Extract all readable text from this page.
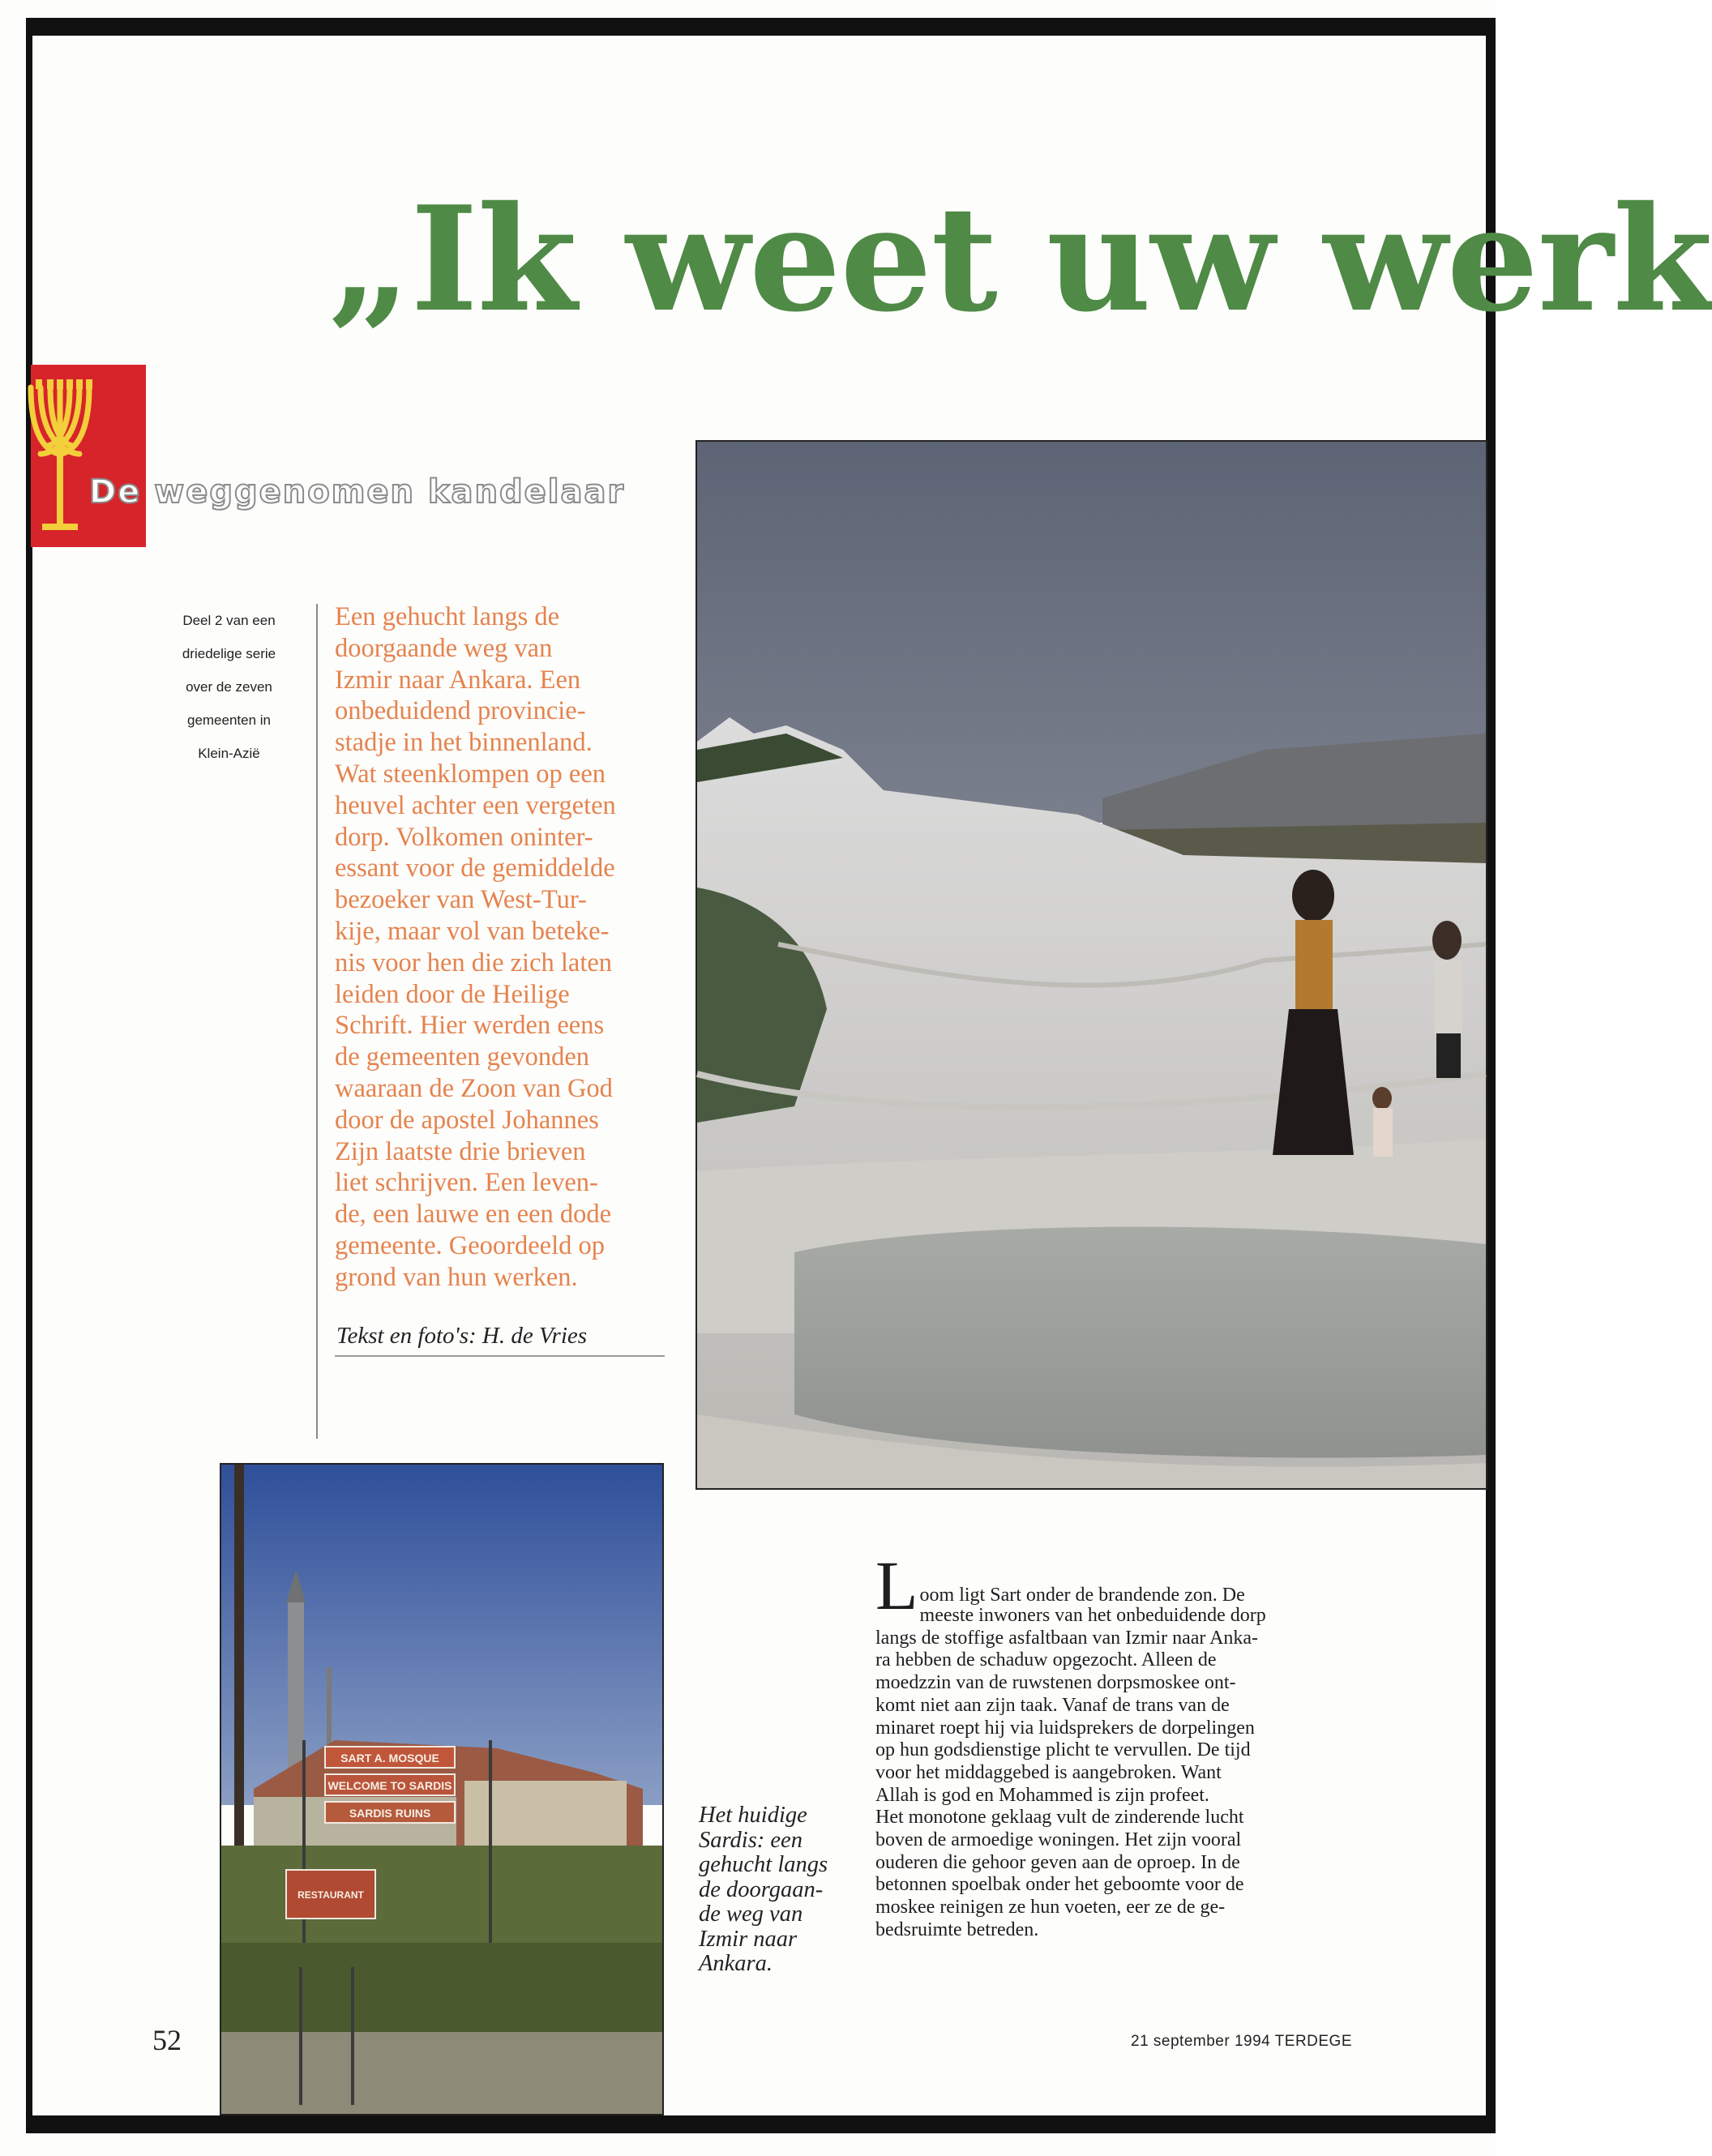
„Ik weet uw werk
De weggenomen kandelaar
Deel 2 van een
driedelige serie
over de zeven
gemeenten in
Klein-Azië
Een gehucht langs de
doorgaande weg van
Izmir naar Ankara. Een
onbeduidend provincie-
stadje in het binnenland.
Wat steenklompen op een
heuvel achter een vergeten
dorp. Volkomen oninter-
essant voor de gemiddelde
bezoeker van West-Tur-
kije, maar vol van beteke-
nis voor hen die zich laten
leiden door de Heilige
Schrift. Hier werden eens
de gemeenten gevonden
waaraan de Zoon van God
door de apostel Johannes
Zijn laatste drie brieven
liet schrijven. Een leven-
de, een lauwe en een dode
gemeente. Geoordeeld op
grond van hun werken.
Tekst en foto's: H. de Vries
SART A. MOSQUE
WELCOME TO SARDIS
SARDIS RUINS
RESTAURANT
Het huidige
Sardis: een
gehucht langs
de doorgaan-
de weg van
Izmir naar
Ankara.
L oom ligt Sart onder de brandende zon. De
meeste inwoners van het onbeduidende dorp
langs de stoffige asfaltbaan van Izmir naar Anka-
ra hebben de schaduw opgezocht. Alleen de
moedzzin van de ruwstenen dorpsmoskee ont-
komt niet aan zijn taak. Vanaf de trans van de
minaret roept hij via luidsprekers de dorpelingen
op hun godsdienstige plicht te vervullen. De tijd
voor het middaggebed is aangebroken. Want
Allah is god en Mohammed is zijn profeet.
Het monotone geklaag vult de zinderende lucht
boven de armoedige woningen. Het zijn vooral
ouderen die gehoor geven aan de oproep. In de
betonnen spoelbak onder het geboomte voor de
moskee reinigen ze hun voeten, eer ze de ge-
bedsruimte betreden.
52	21 september 1994 TERDEGE
